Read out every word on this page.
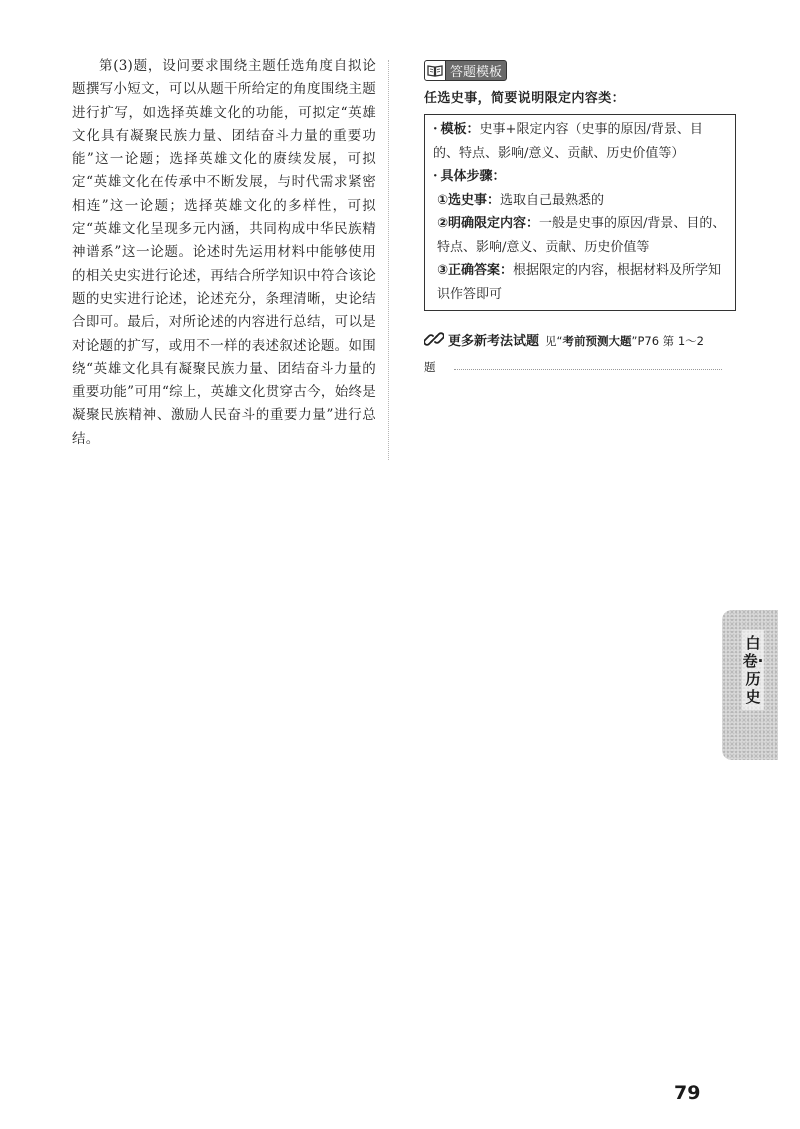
第(3)题，设问要求围绕主题任选角度自拟论题撰写小短文，可以从题干所给定的角度围绕主题进行扩写，如选择英雄文化的功能，可拟定“英雄文化具有凝聚民族力量、团结奋斗力量的重要功能”这一论题；选择英雄文化的赓续发展，可拟定“英雄文化在传承中不断发展，与时代需求紧密相连”这一论题；选择英雄文化的多样性，可拟定“英雄文化呈现多元内涵，共同构成中华民族精神谱系”这一论题。论述时先运用材料中能够使用的相关史实进行论述，再结合所学知识中符合该论题的史实进行论述，论述充分，条理清晰，史论结合即可。最后，对所论述的内容进行总结，可以是对论题的扩写，或用不一样的表述叙述论题。如围绕“英雄文化具有凝聚民族力量、团结奋斗力量的重要功能”可用“综上，英雄文化贯穿古今，始终是凝聚民族精神、激励人民奋斗的重要力量”进行总结。
答题模板
任选史事，简要说明限定内容类：
· 模板：史事+限定内容（史事的原因/背景、目的、特点、影响/意义、贡献、历史价值等）
· 具体步骤：
①选史事：选取自己最熟悉的
②明确限定内容：一般是史事的原因/背景、目的、特点、影响/意义、贡献、历史价值等
③正确答案：根据限定的内容，根据材料及所学知识作答即可
更多新考法试题 见“考前预测大题”P76 第 1～2
题
白卷·历史
79
